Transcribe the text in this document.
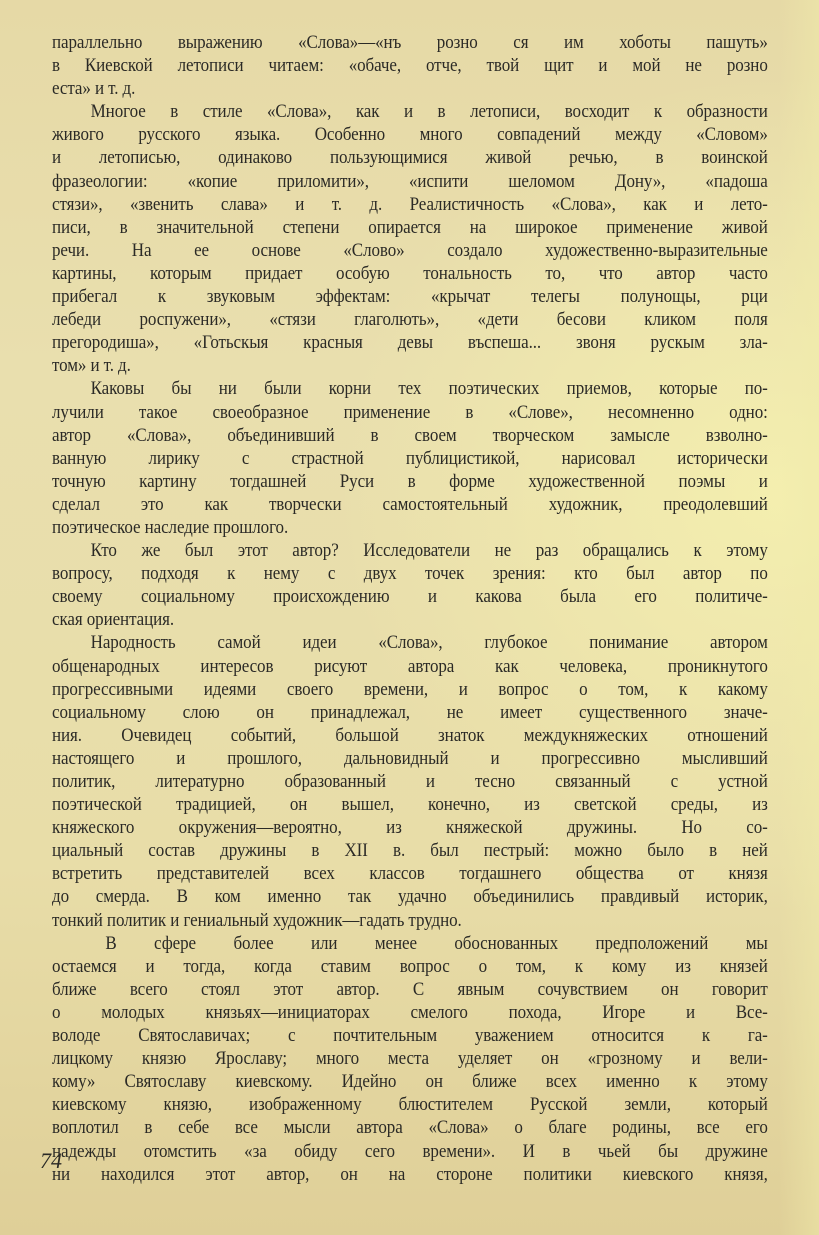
параллельно выражению «Слова»—«нъ розно ся им хоботы пашуть»
в Киевской летописи читаем: «обаче, отче, твой щит и мой не розно
еста» и т. д.
Многое в стиле «Слова», как и в летописи, восходит к образности
живого русского языка. Особенно много совпадений между «Словом»
и летописью, одинаково пользующимися живой речью, в воинской
фразеологии: «копие приломити», «испити шеломом Дону», «падоша
стязи», «звенить слава» и т. д. Реалистичность «Слова», как и лето-
писи, в значительной степени опирается на широкое применение живой
речи. На ее основе «Слово» создало художественно-выразительные
картины, которым придает особую тональность то, что автор часто
прибегал к звуковым эффектам: «крычат телегы полунощы, рци
лебеди роспужени», «стязи глаголють», «дети бесови кликом поля
прегородиша», «Готьскыя красныя девы въспеша... звоня рускым зла-
том» и т. д.
Каковы бы ни были корни тех поэтических приемов, которые по-
лучили такое своеобразное применение в «Слове», несомненно одно:
автор «Слова», объединивший в своем творческом замысле взволно-
ванную лирику с страстной публицистикой, нарисовал исторически
точную картину тогдашней Руси в форме художественной поэмы и
сделал это как творчески самостоятельный художник, преодолевший
поэтическое наследие прошлого.
Кто же был этот автор? Исследователи не раз обращались к этому
вопросу, подходя к нему с двух точек зрения: кто был автор по
своему социальному происхождению и какова была его политиче-
ская ориентация.
Народность самой идеи «Слова», глубокое понимание автором
общенародных интересов рисуют автора как человека, проникнутого
прогрессивными идеями своего времени, и вопрос о том, к какому
социальному слою он принадлежал, не имеет существенного значе-
ния. Очевидец событий, большой знаток междукняжеских отношений
настоящего и прошлого, дальновидный и прогрессивно мысливший
политик, литературно образованный и тесно связанный с устной
поэтической традицией, он вышел, конечно, из светской среды, из
княжеского окружения—вероятно, из княжеской дружины. Но со-
циальный состав дружины в XII в. был пестрый: можно было в ней
встретить представителей всех классов тогдашнего общества от князя
до смерда. В ком именно так удачно объединились правдивый историк,
тонкий политик и гениальный художник—гадать трудно.
В сфере более или менее обоснованных предположений мы
остаемся и тогда, когда ставим вопрос о том, к кому из князей
ближе всего стоял этот автор. С явным сочувствием он говорит
о молодых князьях—инициаторах смелого похода, Игоре и Все-
володе Святославичах; с почтительным уважением относится к га-
лицкому князю Ярославу; много места уделяет он «грозному и вели-
кому» Святославу киевскому. Идейно он ближе всех именно к этому
киевскому князю, изображенному блюстителем Русской земли, который
воплотил в себе все мысли автора «Слова» о благе родины, все его
надежды отомстить «за обиду сего времени». И в чьей бы дружине
ни находился этот автор, он на стороне политики киевского князя,
74
